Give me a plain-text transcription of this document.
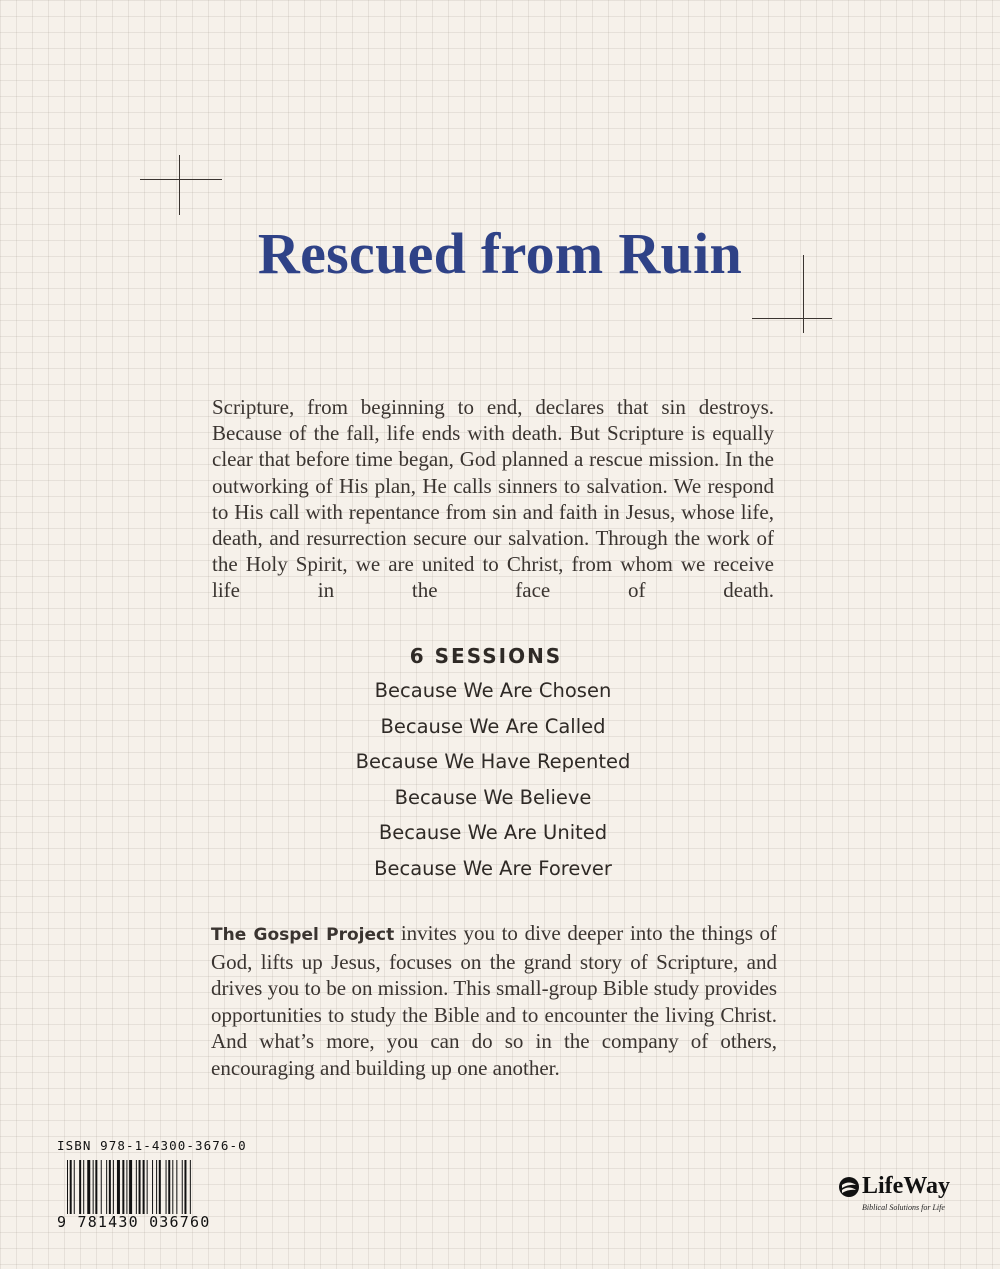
Rescued from Ruin

Scripture, from beginning to end, declares that sin destroys. Because of the fall, life ends with death. But Scripture is equally clear that before time began, God planned a rescue mission. In the outworking of His plan, He calls sinners to salvation. We respond to His call with repentance from sin and faith in Jesus, whose life, death, and resurrection secure our salvation. Through the work of the Holy Spirit, we are united to Christ, from whom we receive life in the face of death.

6 SESSIONS
Because We Are Chosen
Because We Are Called
Because We Have Repented
Because We Believe
Because We Are United
Because We Are Forever

The Gospel Project invites you to dive deeper into the things of God, lifts up Jesus, focuses on the grand story of Scripture, and drives you to be on mission. This small-group Bible study provides opportunities to study the Bible and to encounter the living Christ. And what’s more, you can do so in the company of others, encouraging and building up one another.

ISBN 978-1-4300-3676-0
9 781430 036760
LifeWay
Biblical Solutions for Life
